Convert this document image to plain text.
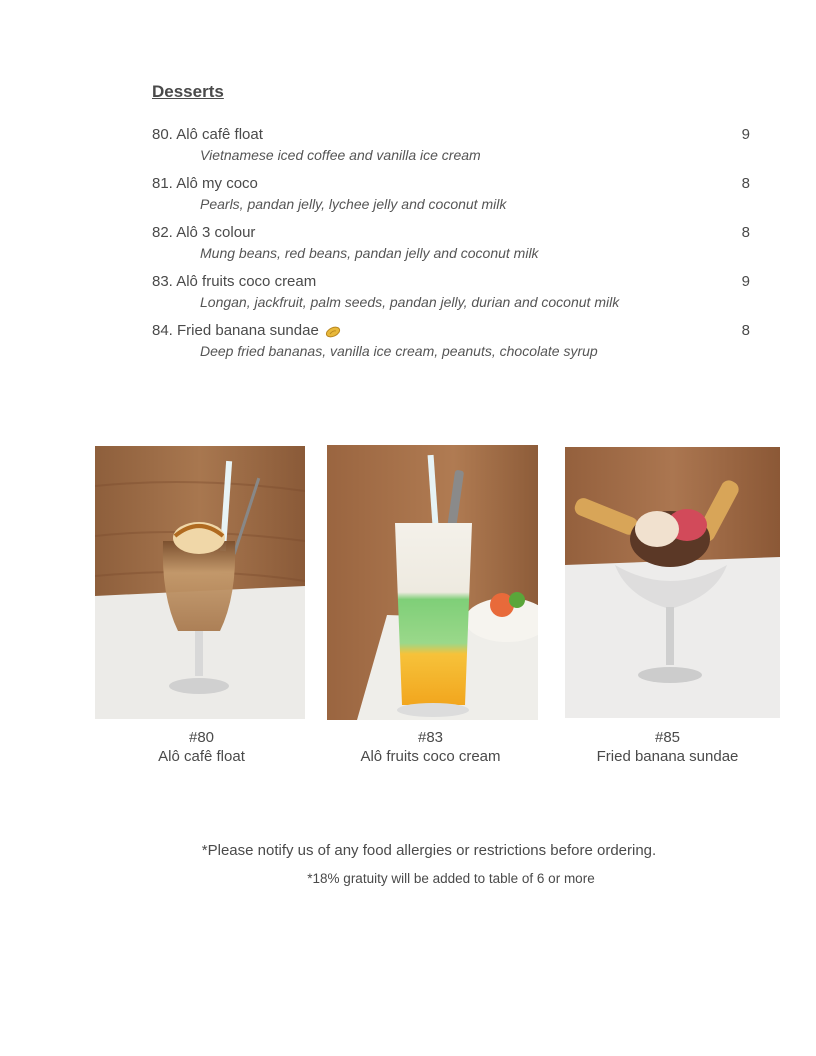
Desserts
80. Alô cafê float	9
Vietnamese iced coffee and vanilla ice cream
81. Alô my coco	8
Pearls, pandan jelly, lychee jelly and coconut milk
82. Alô 3 colour	8
Mung beans, red beans, pandan jelly and coconut milk
83. Alô fruits coco cream	9
Longan, jackfruit, palm seeds, pandan jelly, durian and coconut milk
84. Fried banana sundae	8
Deep fried bananas, vanilla ice cream, peanuts, chocolate syrup
#80
Alô cafê float
#83
Alô fruits coco cream
#85
Fried banana sundae
*Please notify us of any food allergies or restrictions before ordering.
*18% gratuity will be added to table of 6 or more
